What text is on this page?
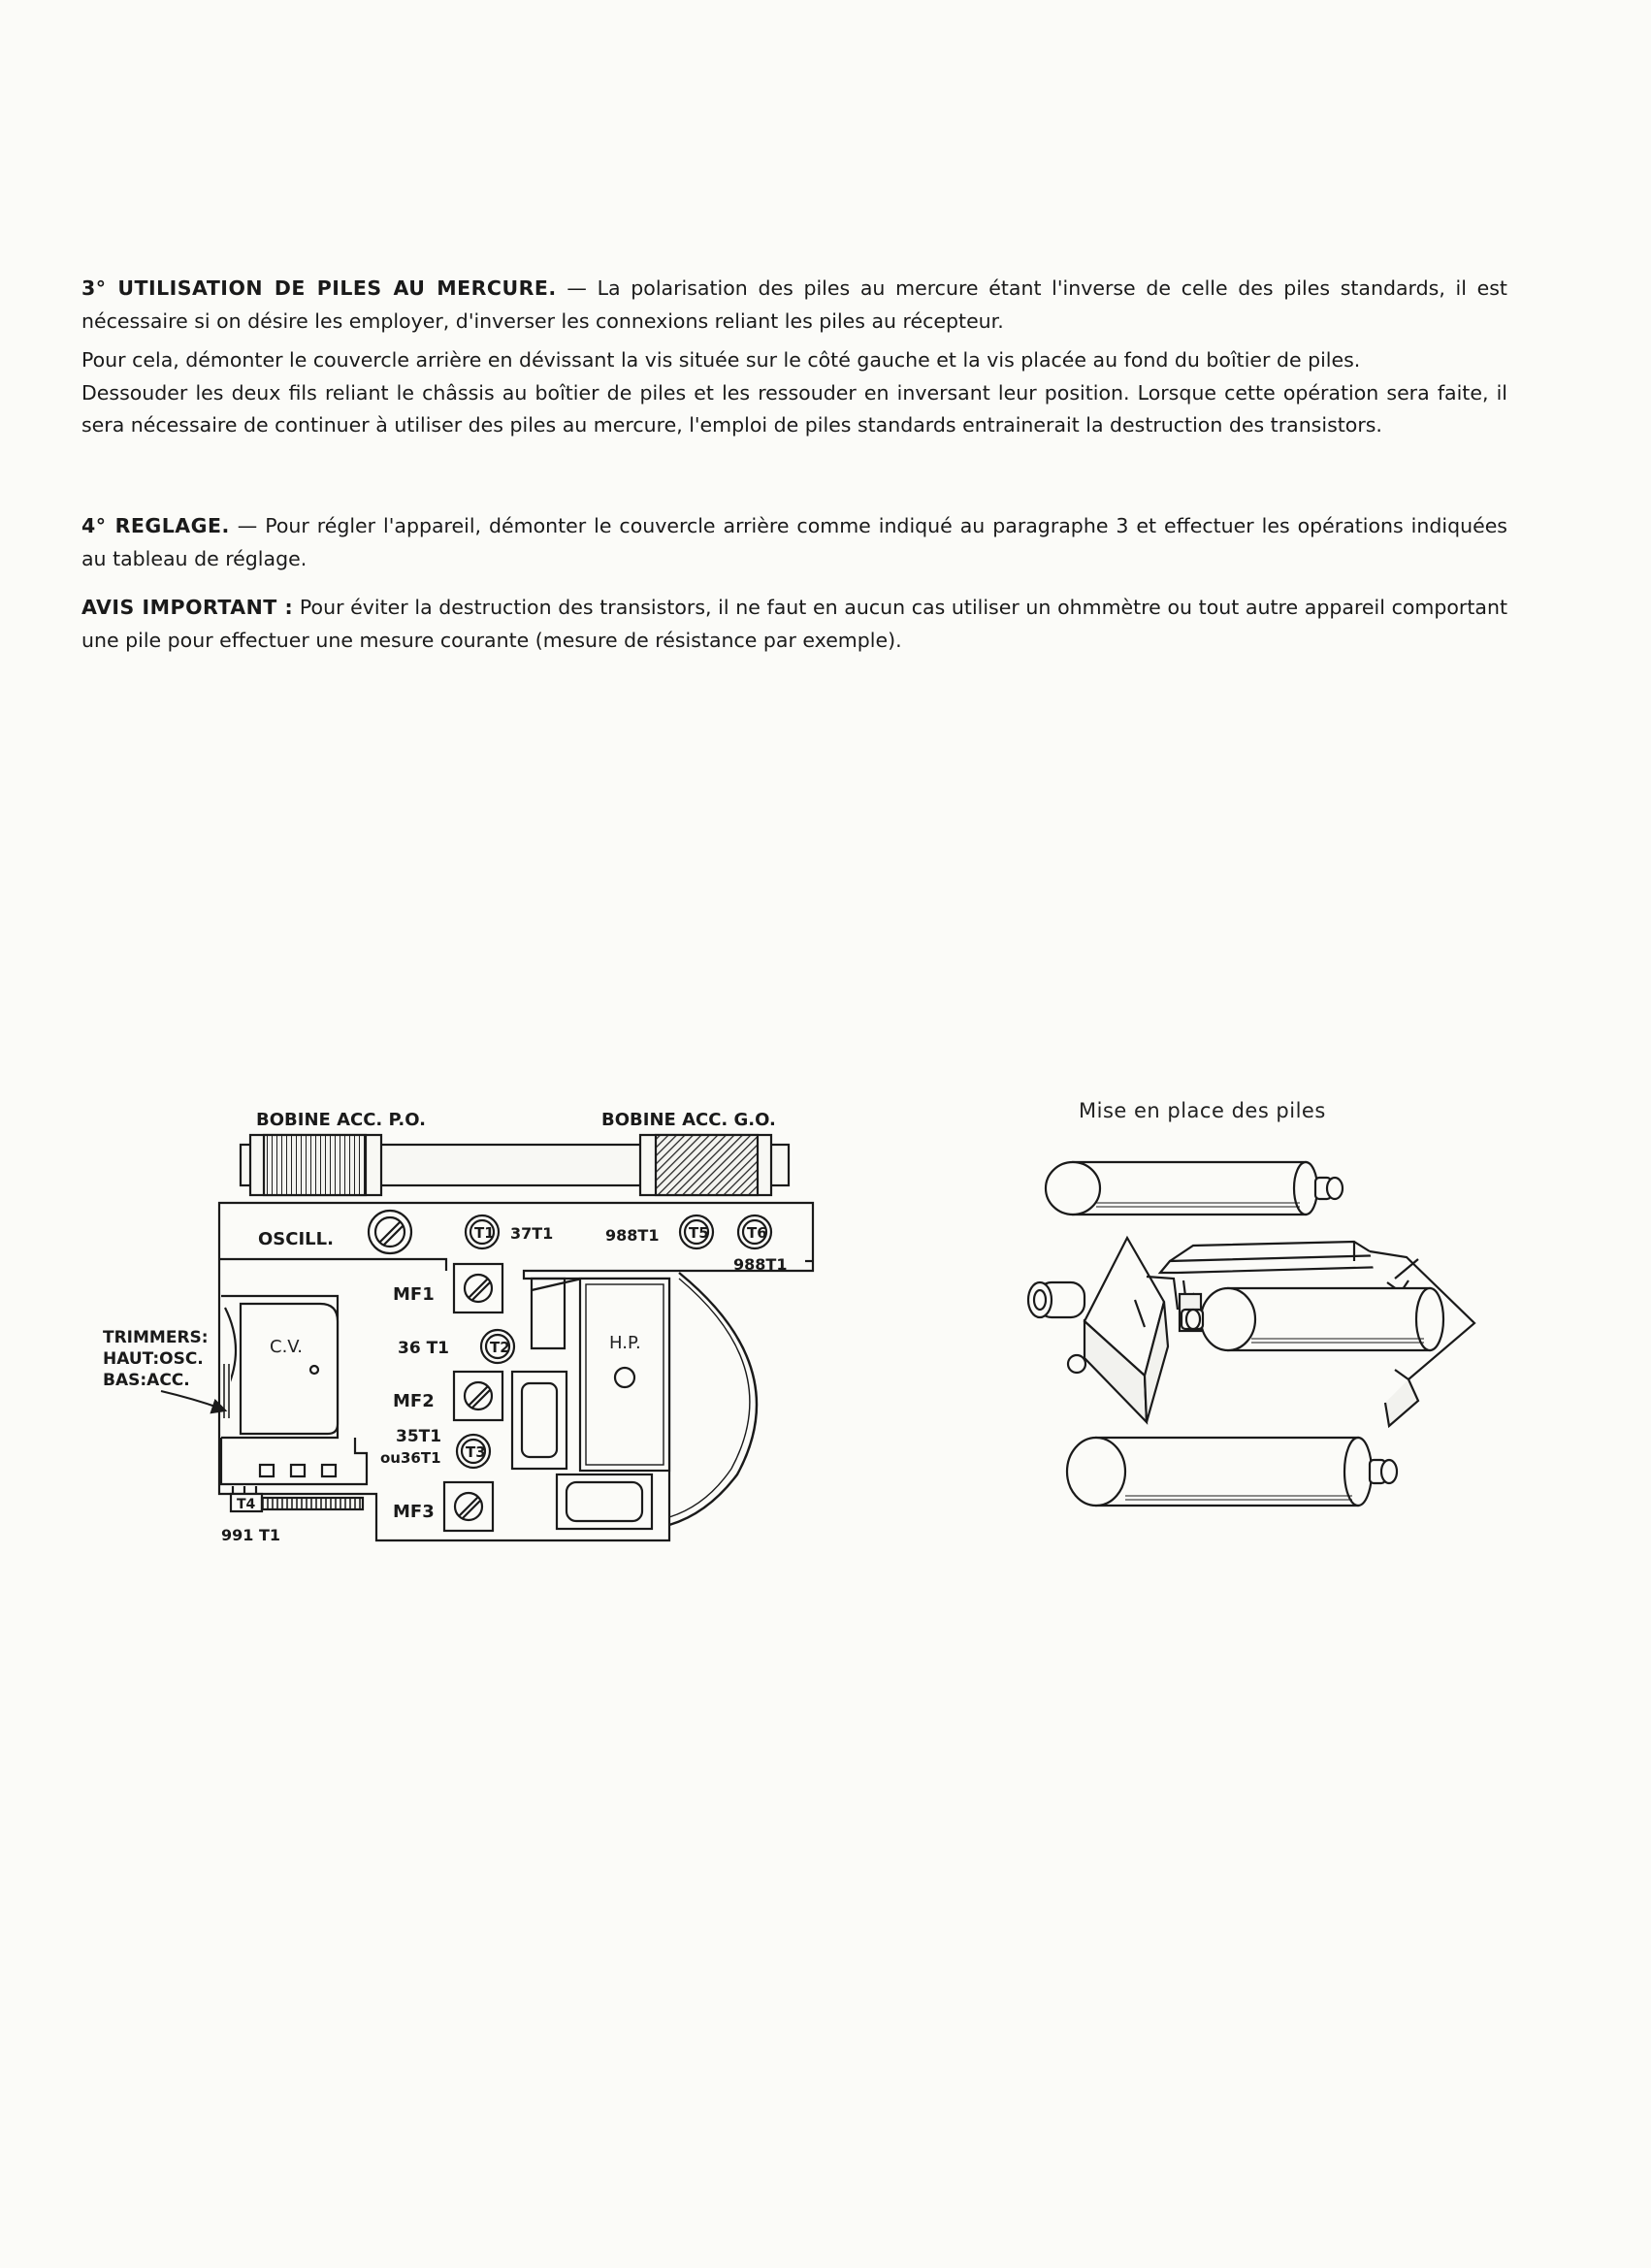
3° UTILISATION DE PILES AU MERCURE. — La polarisation des piles au mercure étant l'inverse de celle des piles standards, il est nécessaire si on désire les employer, d'inverser les connexions reliant les piles au récepteur.

Pour cela, démonter le couvercle arrière en dévissant la vis située sur le côté gauche et la vis placée au fond du boîtier de piles.

Dessouder les deux fils reliant le châssis au boîtier de piles et les ressouder en inversant leur position. Lorsque cette opération sera faite, il sera nécessaire de continuer à utiliser des piles au mercure, l'emploi de piles standards entrainerait la destruction des transistors.

4° REGLAGE. — Pour régler l'appareil, démonter le couvercle arrière comme indiqué au paragraphe 3 et effectuer les opérations indiquées au tableau de réglage.

AVIS IMPORTANT : Pour éviter la destruction des transistors, il ne faut en aucun cas utiliser un ohmmètre ou tout autre appareil comportant une pile pour effectuer une mesure courante (mesure de résistance par exemple).

BOBINE ACC. P.O.	BOBINE ACC. G.O.
OSCILL.	T1 37T1	988T1 T5	T6
988T1
MF1
36 T1	T2
MF2
35T1
ou36T1 T3
MF3
C.V.	H.P.
TRIMMERS:
HAUT:OSC.
BAS:ACC.
T4
991 T1
Mise en place des piles
